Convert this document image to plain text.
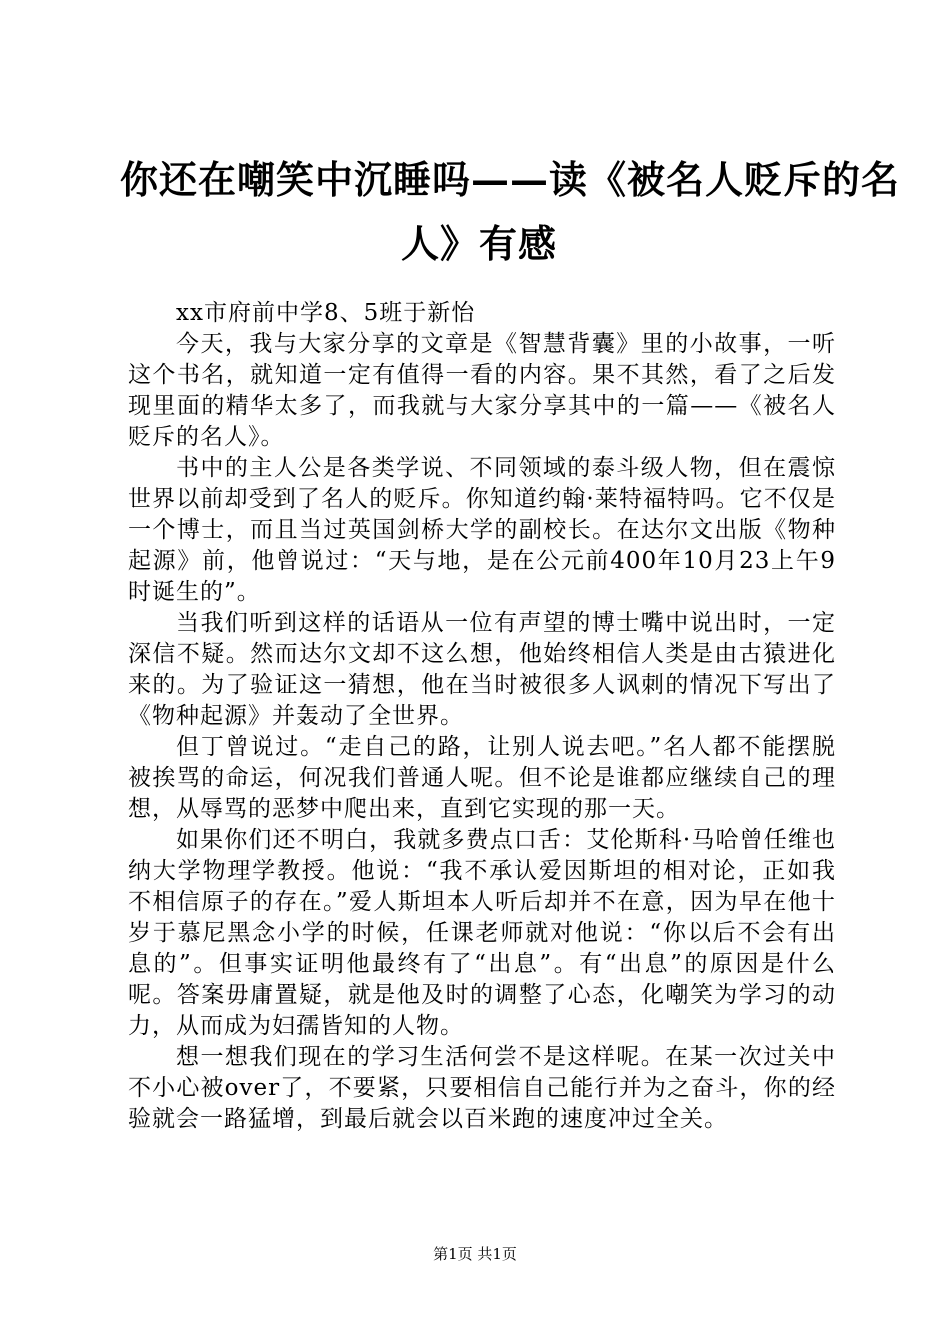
你还在嘲笑中沉睡吗——读《被名人贬斥的名
人》有感
xx市府前中学8、5班于新怡

今天，我与大家分享的文章是《智慧背囊》里的小故事，一听这个书名，就知道一定有值得一看的内容。果不其然，看了之后发现里面的精华太多了，而我就与大家分享其中的一篇——《被名人贬斥的名人》。

书中的主人公是各类学说、不同领域的泰斗级人物，但在震惊世界以前却受到了名人的贬斥。你知道约翰·莱特福特吗。它不仅是一个博士，而且当过英国剑桥大学的副校长。在达尔文出版《物种起源》前，他曾说过：“天与地，是在公元前400年10月23上午9时诞生的”。

当我们听到这样的话语从一位有声望的博士嘴中说出时，一定深信不疑。然而达尔文却不这么想，他始终相信人类是由古猿进化来的。为了验证这一猜想，他在当时被很多人讽刺的情况下写出了《物种起源》并轰动了全世界。

但丁曾说过。“走自己的路，让别人说去吧。”名人都不能摆脱被挨骂的命运，何况我们普通人呢。但不论是谁都应继续自己的理想，从辱骂的恶梦中爬出来，直到它实现的那一天。

如果你们还不明白，我就多费点口舌：艾伦斯科·马哈曾任维也纳大学物理学教授。他说：“我不承认爱因斯坦的相对论，正如我不相信原子的存在。”爱人斯坦本人听后却并不在意，因为早在他十岁于慕尼黑念小学的时候，任课老师就对他说：“你以后不会有出息的”。但事实证明他最终有了“出息”。有“出息”的原因是什么呢。答案毋庸置疑，就是他及时的调整了心态，化嘲笑为学习的动力，从而成为妇孺皆知的人物。

想一想我们现在的学习生活何尝不是这样呢。在某一次过关中不小心被over了，不要紧，只要相信自己能行并为之奋斗，你的经验就会一路猛增，到最后就会以百米跑的速度冲过全关。

第1页 共1页
